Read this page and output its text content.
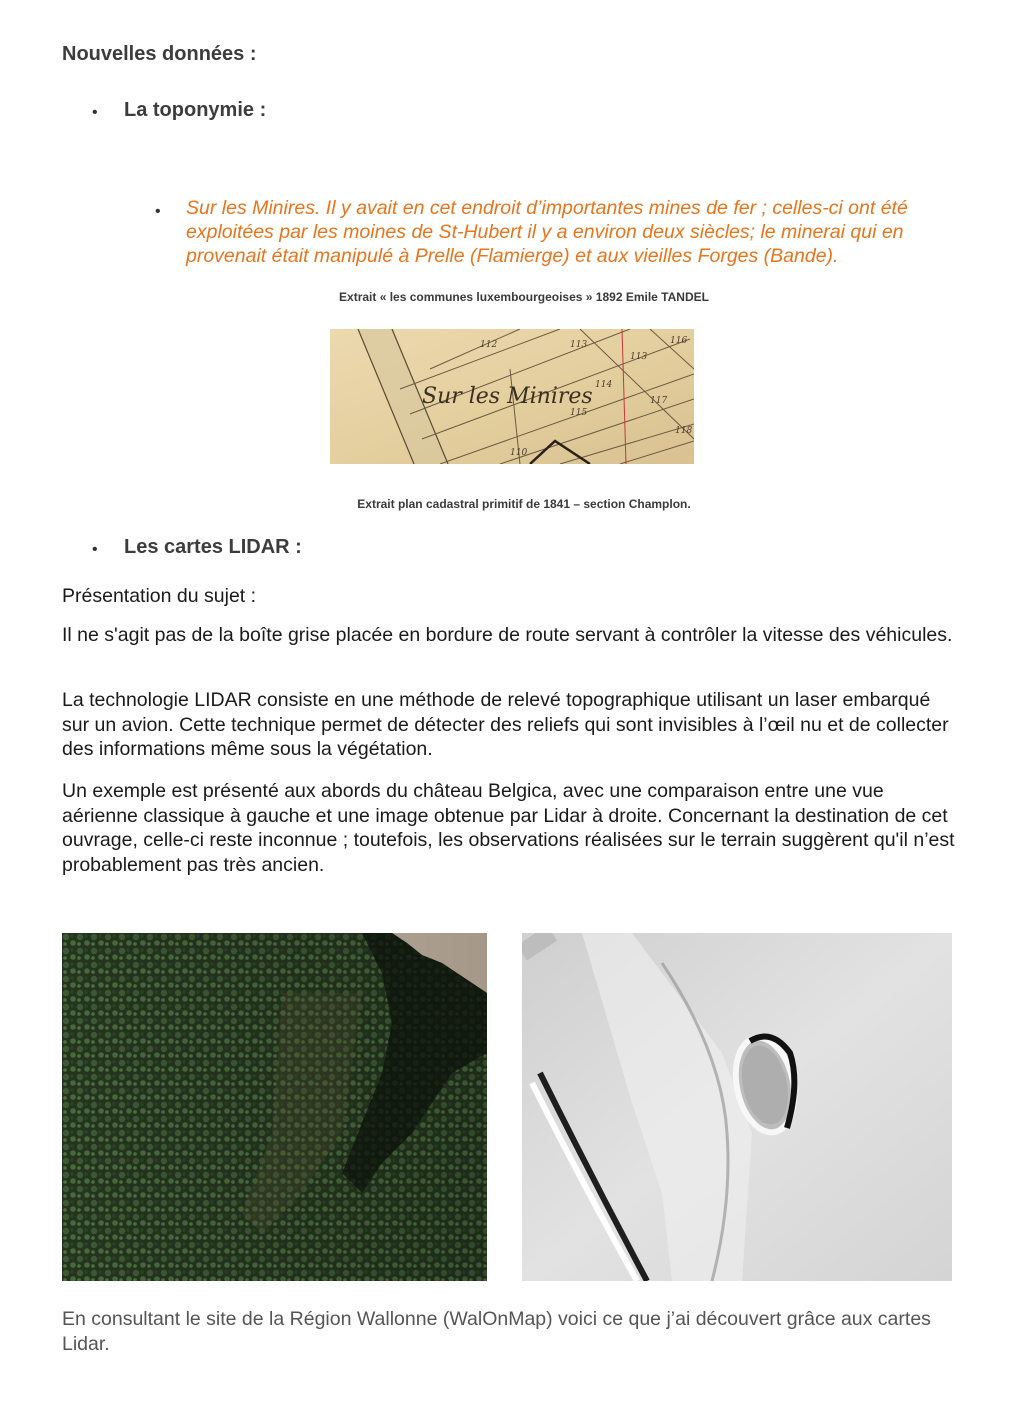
Nouvelles données :
• La toponymie :
• Sur les Minires. Il y avait en cet endroit d’importantes mines de fer ; celles-ci ont été exploitées par les moines de St-Hubert il y a environ deux siècles; le minerai qui en provenait était manipulé à Prelle (Flamierge) et aux vieilles Forges (Bande).

Extrait « les communes luxembourgeoises » 1892 Emile TANDEL

Sur les Minires
112	113
113
116
117
118
114
115
110

Extrait plan cadastral primitif de 1841 – section Champlon.

• Les cartes LIDAR :

Présentation du sujet :

Il ne s'agit pas de la boîte grise placée en bordure de route servant à contrôler la vitesse des véhicules.

La technologie LIDAR consiste en une méthode de relevé topographique utilisant un laser embarqué sur un avion. Cette technique permet de détecter des reliefs qui sont invisibles à l’œil nu et de collecter des informations même sous la végétation.

Un exemple est présenté aux abords du château Belgica, avec une comparaison entre une vue aérienne classique à gauche et une image obtenue par Lidar à droite. Concernant la destination de cet ouvrage, celle-ci reste inconnue ; toutefois, les observations réalisées sur le terrain suggèrent qu'il n’est probablement pas très ancien.

En consultant le site de la Région Wallonne (WalOnMap) voici ce que j’ai découvert grâce aux cartes Lidar.
